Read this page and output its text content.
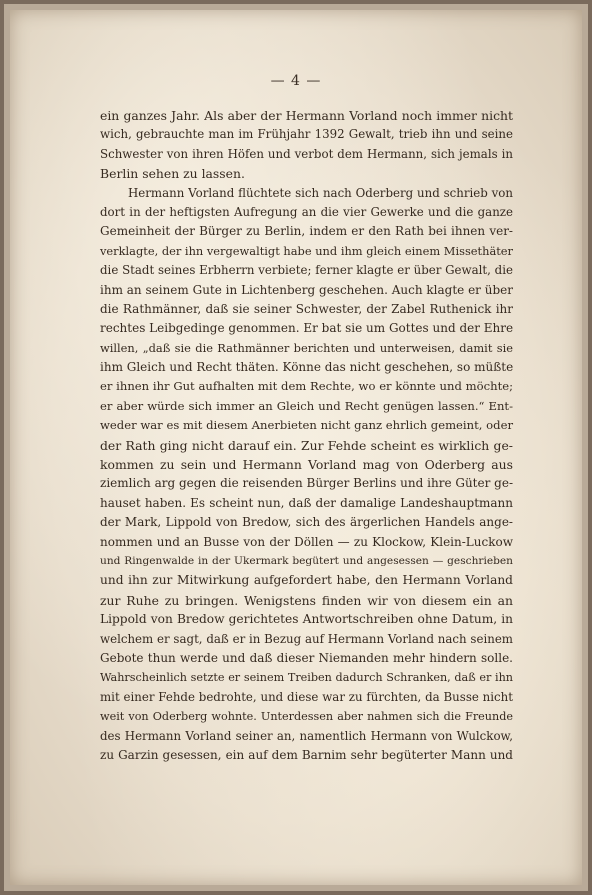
— 4 —
ein ganzes Jahr. Als aber der Hermann Vorland noch immer nicht
wich, gebrauchte man im Frühjahr 1392 Gewalt, trieb ihn und seine
Schwester von ihren Höfen und verbot dem Hermann, sich jemals in
Berlin sehen zu lassen.
Hermann Vorland flüchtete sich nach Oderberg und schrieb von
dort in der heftigsten Aufregung an die vier Gewerke und die ganze
Gemeinheit der Bürger zu Berlin, indem er den Rath bei ihnen ver-
verklagte, der ihn vergewaltigt habe und ihm gleich einem Missethäter
die Stadt seines Erbherrn verbiete; ferner klagte er über Gewalt, die
ihm an seinem Gute in Lichtenberg geschehen. Auch klagte er über
die Rathmänner, daß sie seiner Schwester, der Zabel Ruthenick ihr
rechtes Leibgedinge genommen. Er bat sie um Gottes und der Ehre
willen, „daß sie die Rathmänner berichten und unterweisen, damit sie
ihm Gleich und Recht thäten. Könne das nicht geschehen, so müßte
er ihnen ihr Gut aufhalten mit dem Rechte, wo er könnte und möchte;
er aber würde sich immer an Gleich und Recht genügen lassen.“ Ent-
weder war es mit diesem Anerbieten nicht ganz ehrlich gemeint, oder
der Rath ging nicht darauf ein. Zur Fehde scheint es wirklich ge-
kommen zu sein und Hermann Vorland mag von Oderberg aus
ziemlich arg gegen die reisenden Bürger Berlins und ihre Güter ge-
hauset haben. Es scheint nun, daß der damalige Landeshauptmann
der Mark, Lippold von Bredow, sich des ärgerlichen Handels ange-
nommen und an Busse von der Döllen — zu Klockow, Klein-Luckow
und Ringenwalde in der Ukermark begütert und angesessen — geschrieben
und ihn zur Mitwirkung aufgefordert habe, den Hermann Vorland
zur Ruhe zu bringen. Wenigstens finden wir von diesem ein an
Lippold von Bredow gerichtetes Antwortschreiben ohne Datum, in
welchem er sagt, daß er in Bezug auf Hermann Vorland nach seinem
Gebote thun werde und daß dieser Niemanden mehr hindern solle.
Wahrscheinlich setzte er seinem Treiben dadurch Schranken, daß er ihn
mit einer Fehde bedrohte, und diese war zu fürchten, da Busse nicht
weit von Oderberg wohnte. Unterdessen aber nahmen sich die Freunde
des Hermann Vorland seiner an, namentlich Hermann von Wulckow,
zu Garzin gesessen, ein auf dem Barnim sehr begüterter Mann und
